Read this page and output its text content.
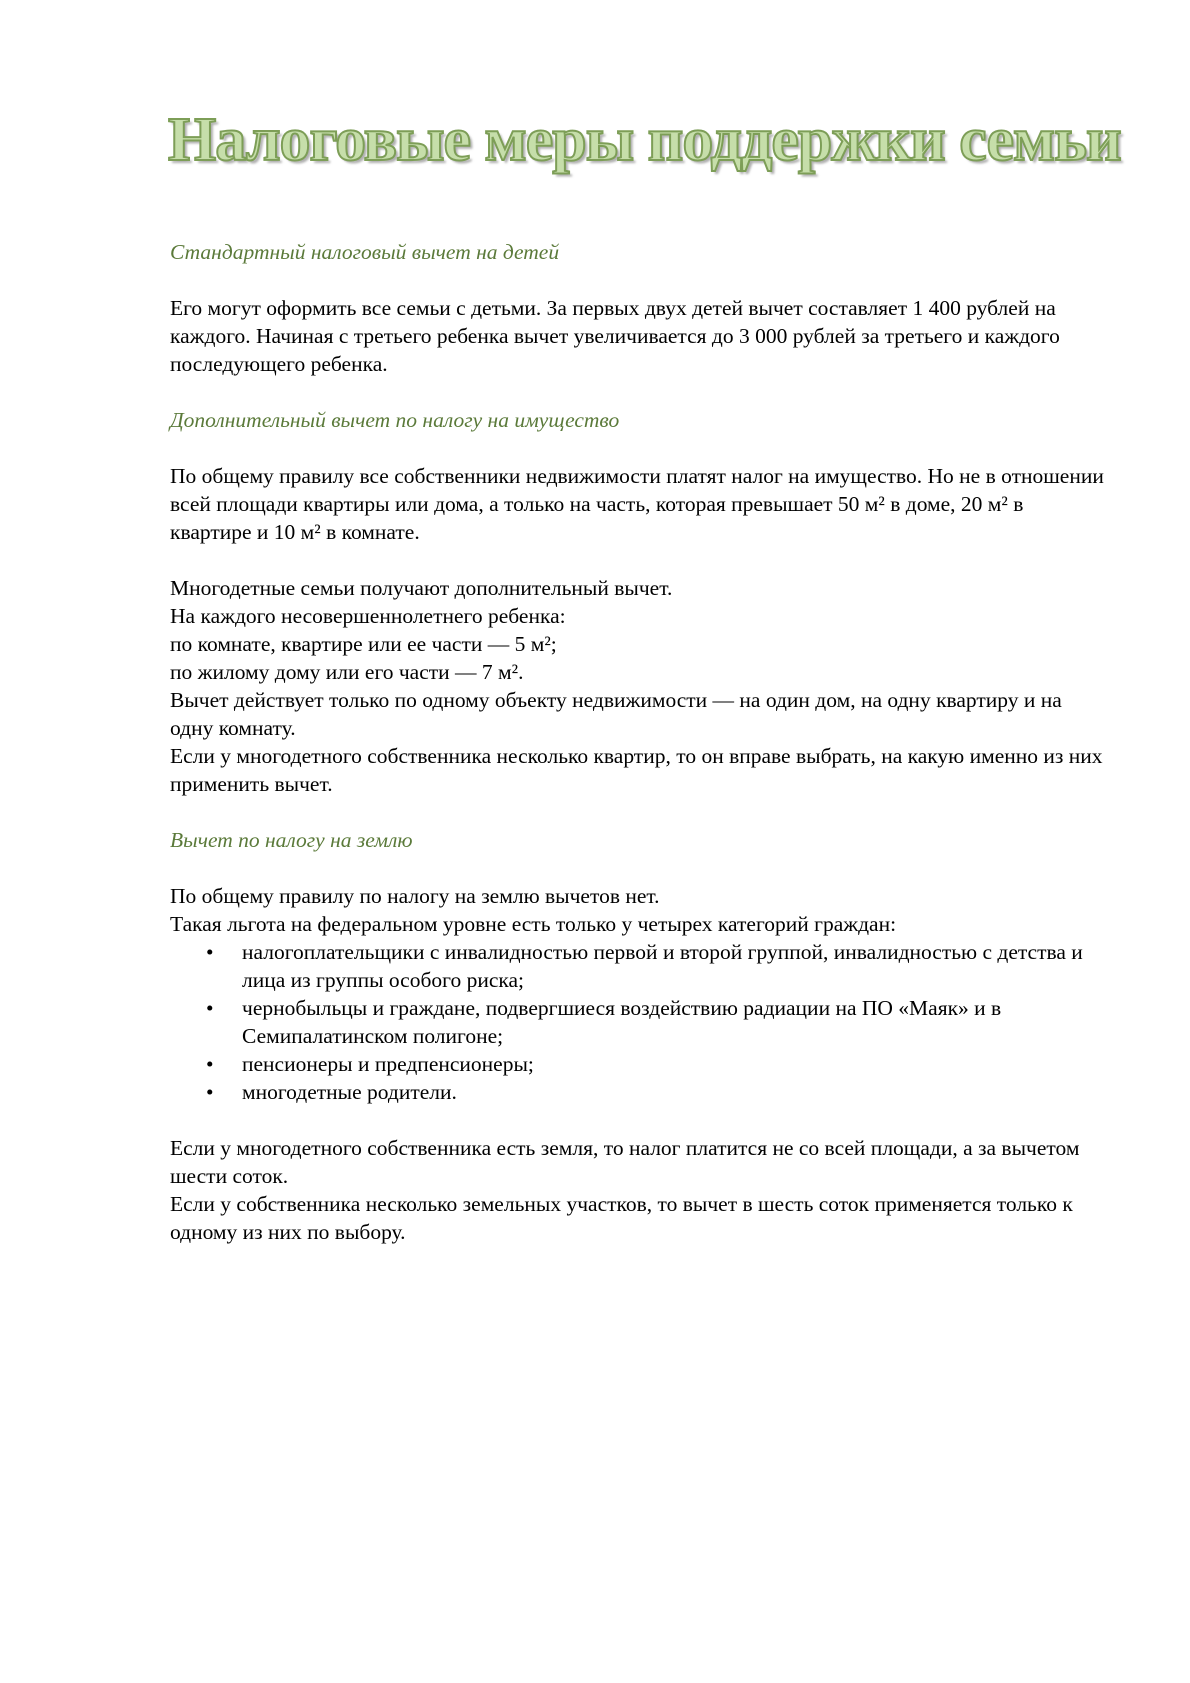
Налоговые меры поддержки семьи

Стандартный налоговый вычет на детей

Его могут оформить все семьи с детьми. За первых двух детей вычет составляет 1 400 рублей на каждого. Начиная с третьего ребенка вычет увеличивается до 3 000 рублей за третьего и каждого последующего ребенка.

Дополнительный вычет по налогу на имущество

По общему правилу все собственники недвижимости платят налог на имущество. Но не в отношении всей площади квартиры или дома, а только на часть, которая превышает 50 м² в доме, 20 м² в квартире и 10 м² в комнате.

Многодетные семьи получают дополнительный вычет.
На каждого несовершеннолетнего ребенка:
по комнате, квартире или ее части — 5 м²;
по жилому дому или его части — 7 м².
Вычет действует только по одному объекту недвижимости — на один дом, на одну квартиру и на одну комнату.
Если у многодетного собственника несколько квартир, то он вправе выбрать, на какую именно из них применить вычет.

Вычет по налогу на землю

По общему правилу по налогу на землю вычетов нет.
Такая льгота на федеральном уровне есть только у четырех категорий граждан:
• налогоплательщики с инвалидностью первой и второй группой, инвалидностью с детства и лица из группы особого риска;
• чернобыльцы и граждане, подвергшиеся воздействию радиации на ПО «Маяк» и в Семипалатинском полигоне;
• пенсионеры и предпенсионеры;
• многодетные родители.
Если у многодетного собственника есть земля, то налог платится не со всей площади, а за вычетом шести соток.
Если у собственника несколько земельных участков, то вычет в шесть соток применяется только к одному из них по выбору.
